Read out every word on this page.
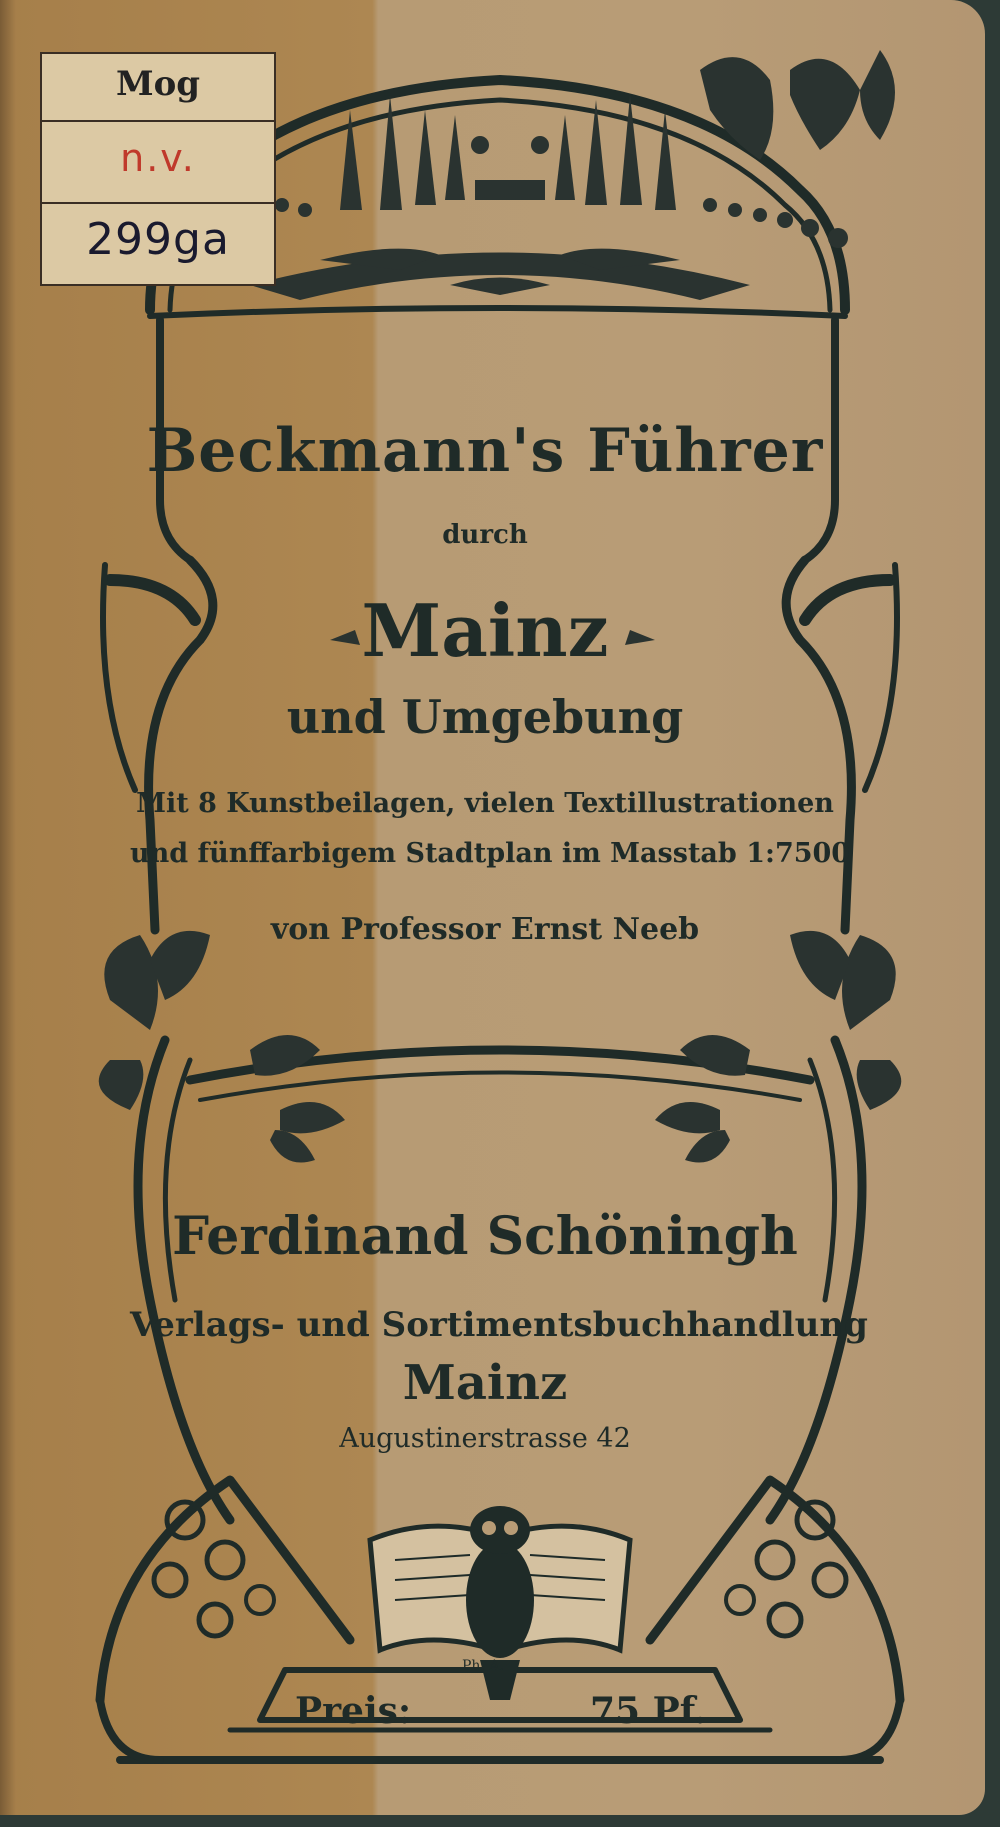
Ph. A.
Mog
n.v.
299ga
Beckmann's Führer
durch
Mainz
und Umgebung
Mit 8 Kunstbeilagen, vielen Textillustrationen
und fünffarbigem Stadtplan im Masstab 1:7500
von Professor Ernst Neeb
Ferdinand Schöningh
Verlags- und Sortimentsbuchhandlung
Mainz
Augustinerstrasse 42
Preis:	75 Pf.
